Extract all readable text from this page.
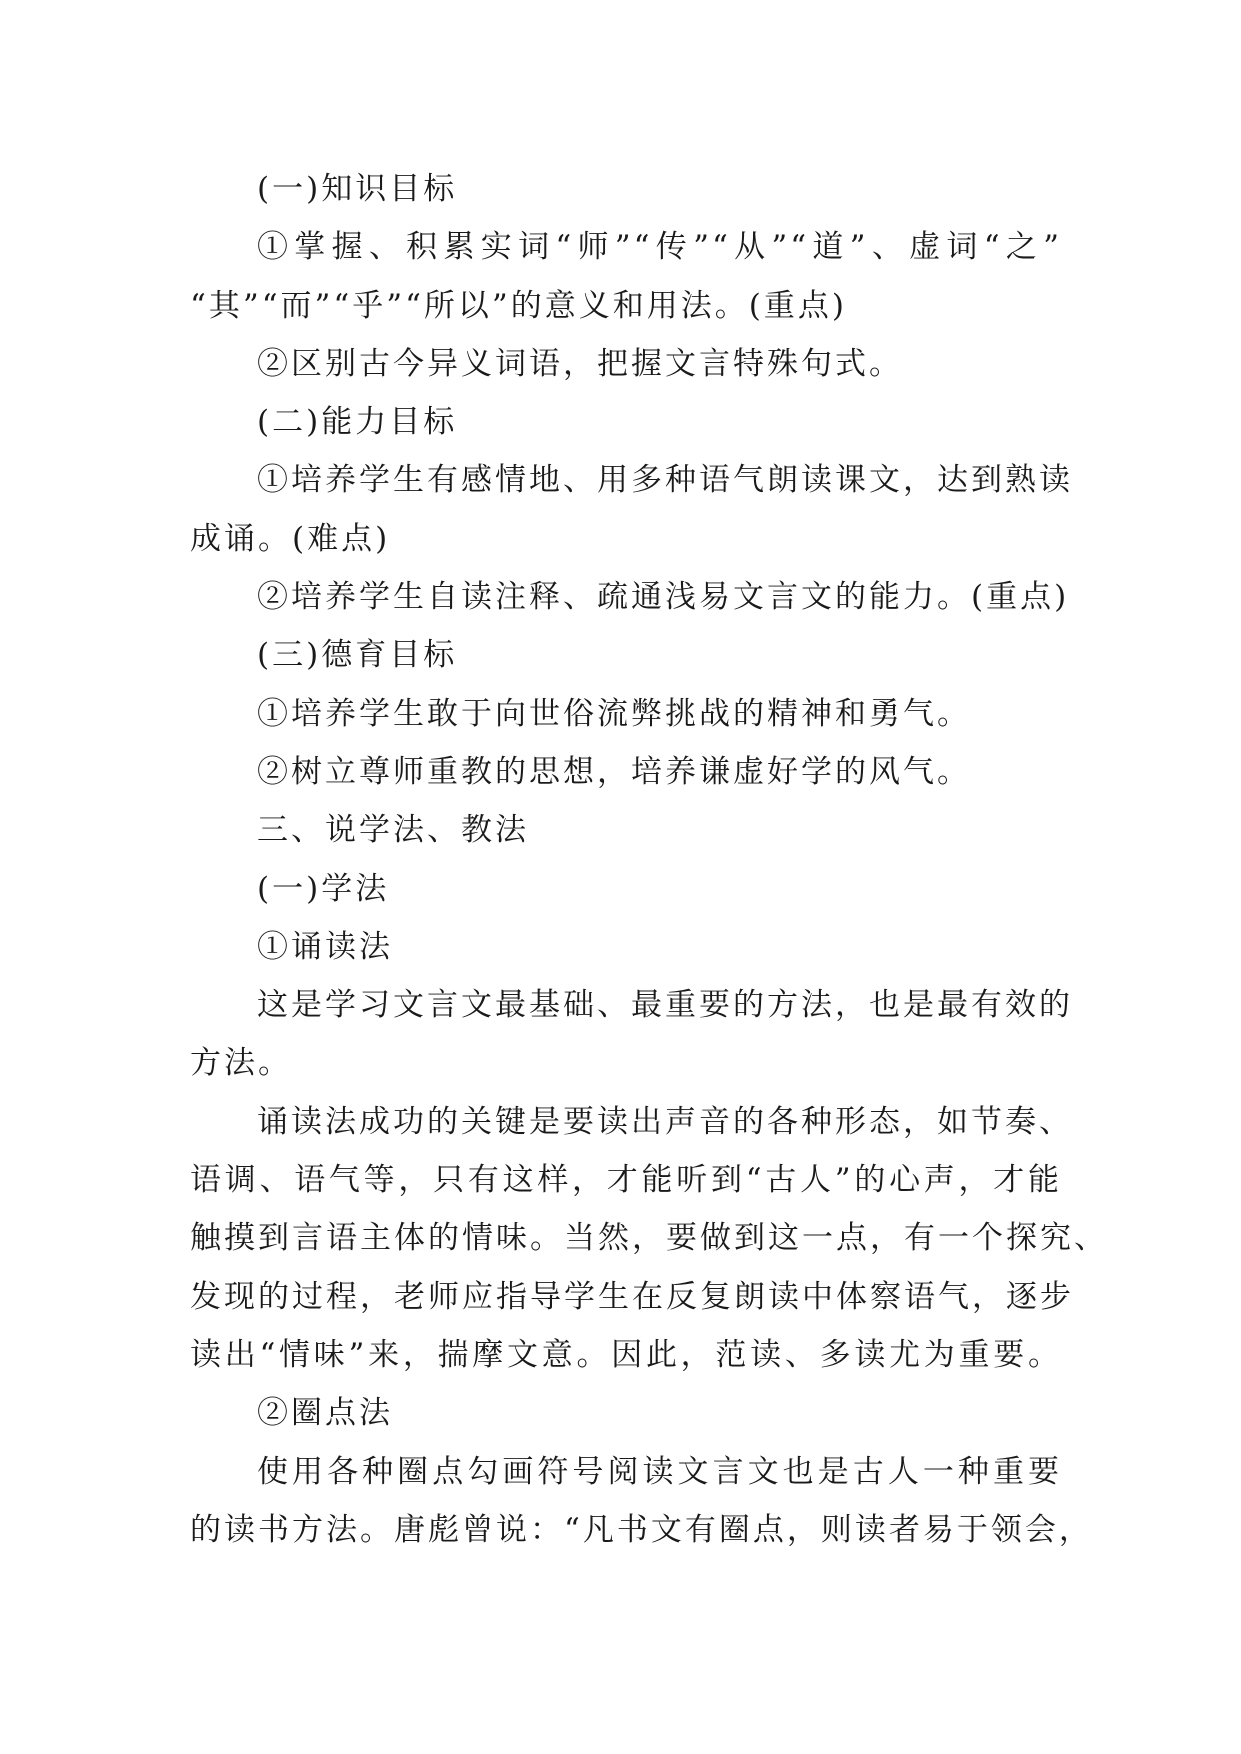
(一)知识目标
①掌握、积累实词“师”“传”“从”“道”、虚词“之”
“其”“而”“乎”“所以”的意义和用法。(重点)
②区别古今异义词语，把握文言特殊句式。
(二)能力目标
①培养学生有感情地、用多种语气朗读课文，达到熟读
成诵。(难点)
②培养学生自读注释、疏通浅易文言文的能力。(重点)
(三)德育目标
①培养学生敢于向世俗流弊挑战的精神和勇气。
②树立尊师重教的思想，培养谦虚好学的风气。
三、说学法、教法
(一)学法
①诵读法
这是学习文言文最基础、最重要的方法，也是最有效的
方法。
诵读法成功的关键是要读出声音的各种形态，如节奏、
语调、语气等，只有这样，才能听到“古人”的心声，才能
触摸到言语主体的情味。当然，要做到这一点，有一个探究、
发现的过程，老师应指导学生在反复朗读中体察语气，逐步
读出“情味”来，揣摩文意。因此，范读、多读尤为重要。
②圈点法
使用各种圈点勾画符号阅读文言文也是古人一种重要
的读书方法。唐彪曾说：“凡书文有圈点，则读者易于领会，
